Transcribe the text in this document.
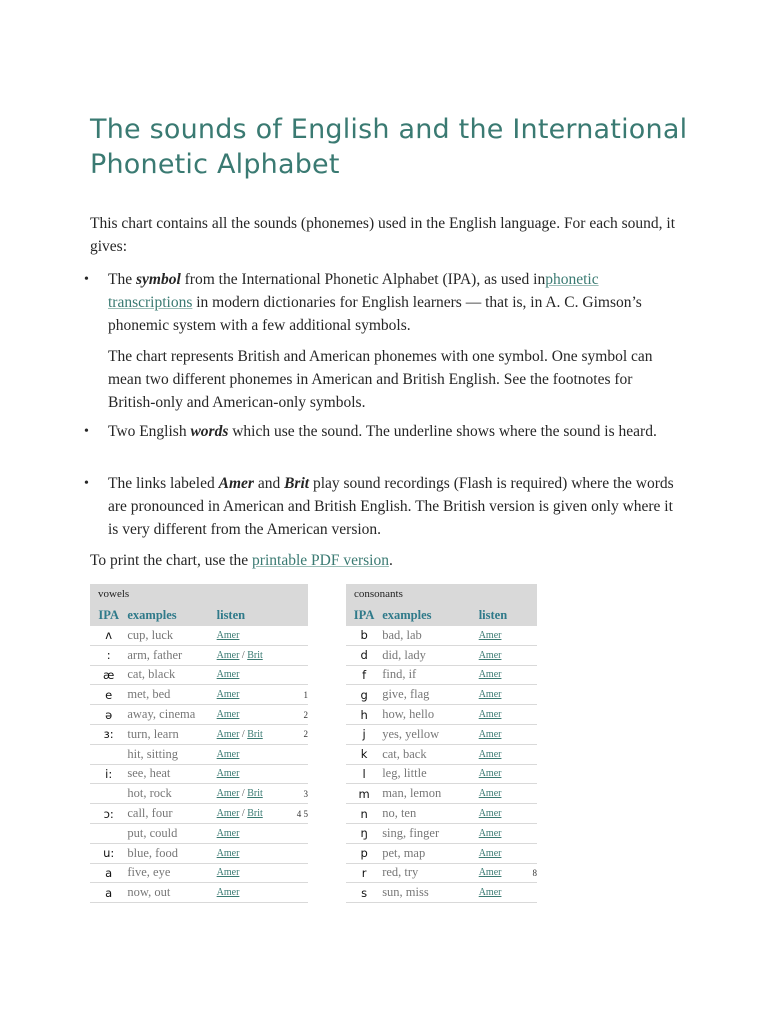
The sounds of English and the International Phonetic Alphabet

This chart contains all the sounds (phonemes) used in the English language. For each sound, it gives:

•	The symbol from the International Phonetic Alphabet (IPA), as used inphonetic transcriptions in modern dictionaries for English learners — that is, in A. C. Gimson’s phonemic system with a few additional symbols.
The chart represents British and American phonemes with one symbol. One symbol can mean two different phonemes in American and British English. See the footnotes for British-only and American-only symbols.
•	Two English words which use the sound. The underline shows where the sound is heard.
•	The links labeled Amer and Brit play sound recordings (Flash is required) where the words are pronounced in American and British English. The British version is given only where it is very different from the American version.

To print the chart, use the printable PDF version.

vowels			
IPA	examples	listen	
ʌ	cup, luck	Amer	
:	arm, father	Amer / Brit	
æ	cat, black	Amer	
e	met, bed	Amer	1
ə	away, cinema	Amer	2
ɜ:	turn, learn	Amer / Brit	2
	hit, sitting	Amer	
i:	see, heat	Amer	
	hot, rock	Amer / Brit	3
ɔ:	call, four	Amer / Brit	4 5
	put, could	Amer	
u:	blue, food	Amer	
a	five, eye	Amer	
a	now, out	Amer	
consonants			
IPA	examples	listen	
b	bad, lab	Amer	
d	did, lady	Amer	
f	find, if	Amer	
g	give, flag	Amer	
h	how, hello	Amer	
j	yes, yellow	Amer	
k	cat, back	Amer	
l	leg, little	Amer	
m	man, lemon	Amer	
n	no, ten	Amer	
ŋ	sing, finger	Amer	
p	pet, map	Amer	
r	red, try	Amer	8
s	sun, miss	Amer	
